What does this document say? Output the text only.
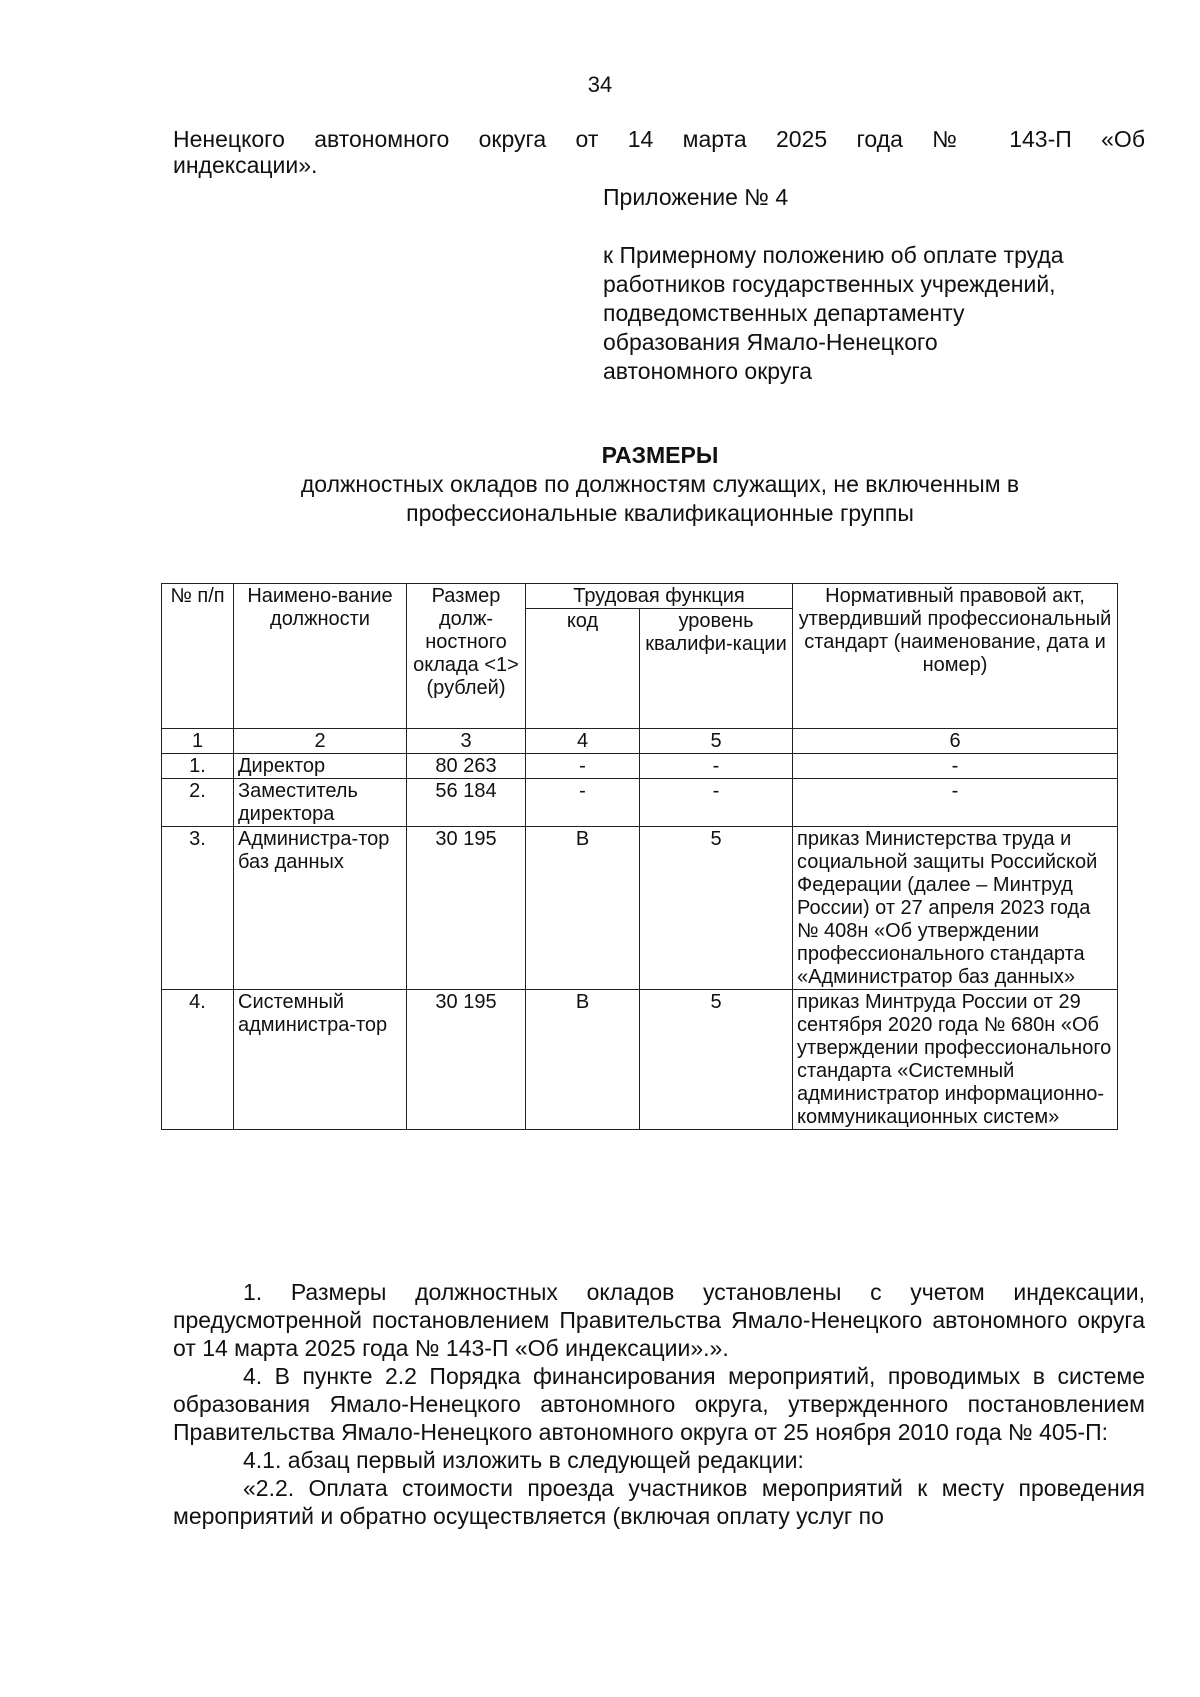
34
Ненецкого автономного округа от 14 марта 2025 года № 143-П «Об
индексации».
Приложение № 4
к Примерному положению об оплате труда
работников государственных учреждений,
подведомственных департаменту
образования Ямало-Ненецкого
автономного округа
РАЗМЕРЫ
должностных окладов по должностям служащих, не включенным в
профессиональные квалификационные группы
№ п/п	Наимено-вание должности	Размер долж-ностного оклада <1> (рублей)	Трудовая функция		Нормативный правовой акт, утвердивший профессиональный стандарт (наименование, дата и номер)
			код	уровень квалифи-кации	
1	2	3	4	5	6
1.	Директор	80 263	-	-	-
2.	Заместитель директора	56 184	-	-	-
3.	Администра-тор баз данных	30 195	В	5	приказ Министерства труда и социальной защиты Российской Федерации (далее – Минтруд России) от 27 апреля 2023 года № 408н «Об утверждении профессионального стандарта «Администратор баз данных»
4.	Системный администра-тор	30 195	В	5	приказ Минтруда России от 29 сентября 2020 года № 680н «Об утверждении профессионального стандарта «Системный администратор информационно-коммуникационных систем»

1. Размеры должностных окладов установлены с учетом индексации, предусмотренной постановлением Правительства Ямало-Ненецкого автономного округа от 14 марта 2025 года № 143-П «Об индексации».».

4. В пункте 2.2 Порядка финансирования мероприятий, проводимых в системе образования Ямало-Ненецкого автономного округа, утвержденного постановлением Правительства Ямало-Ненецкого автономного округа от 25 ноября 2010 года № 405-П:

4.1. абзац первый изложить в следующей редакции:

«2.2. Оплата стоимости проезда участников мероприятий к месту проведения мероприятий и обратно осуществляется (включая оплату услуг по
